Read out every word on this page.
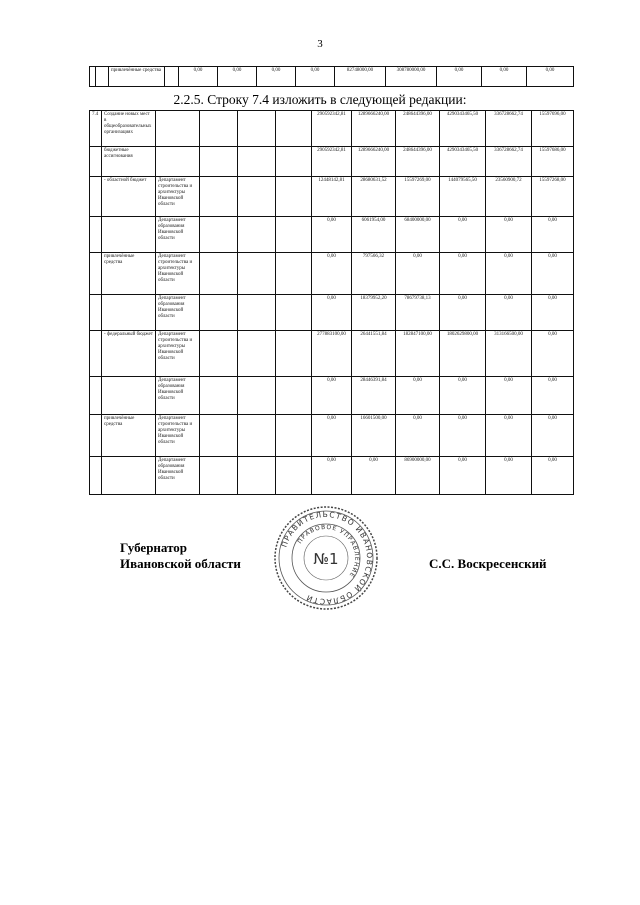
3
		привлечённые средства		0,00	0,00	0,00	0,00	82748000,00	308780000,00	0,00	0,00	0,00
2.2.5. Строку 7.4 изложить в следующей редакции:
7.4	Создание новых мест в общеобразовательных организациях					290592342,81	1289666240,00	248644396,00	4290343465,50	336728662,74	15597696,00
	бюджетные ассигнования					290592342,81	1289666240,00	248644396,00	4290343465,50	336728662,74	15597686,00
	- областной бюджет	Департамент строительства и архитектуры Ивановской области				12448142,81	28680631,52	15597269,00	144079565,50	23560900,72	15597268,00
		Департамент образования Ивановской области				0,00	6061954,00	68400000,00	0,00	0,00	0,00
	привлечённые средства	Департамент строительства и архитектуры Ивановской области				0,00	797566,32	0,00	0,00	0,00	0,00
		Департамент образования Ивановской области				0,00	18379952,20	78679738,13	0,00	0,00	0,00
	- федеральный бюджет	Департамент строительства и архитектуры Ивановской области				277883100,00	26441551,84	182847100,00	1802629800,00	313166500,00	0,00
		Департамент образования Ивановской области				0,00	28446391,84	0,00	0,00	0,00	0,00
	привлечённые средства	Департамент строительства и архитектуры Ивановской области				0,00	16601500,00	0,00	0,00	0,00	0,00
		Департамент образования Ивановской области				0,00	0,00	86900000,00	0,00	0,00	0,00
Губернатор
Ивановской области	С.С. Воскресенский
ПРАВИТЕЛЬСТВО ИВАНОВСКОЙ ОБЛАСТИ
ПРАВОВОЕ УПРАВЛЕНИЕ
№1
